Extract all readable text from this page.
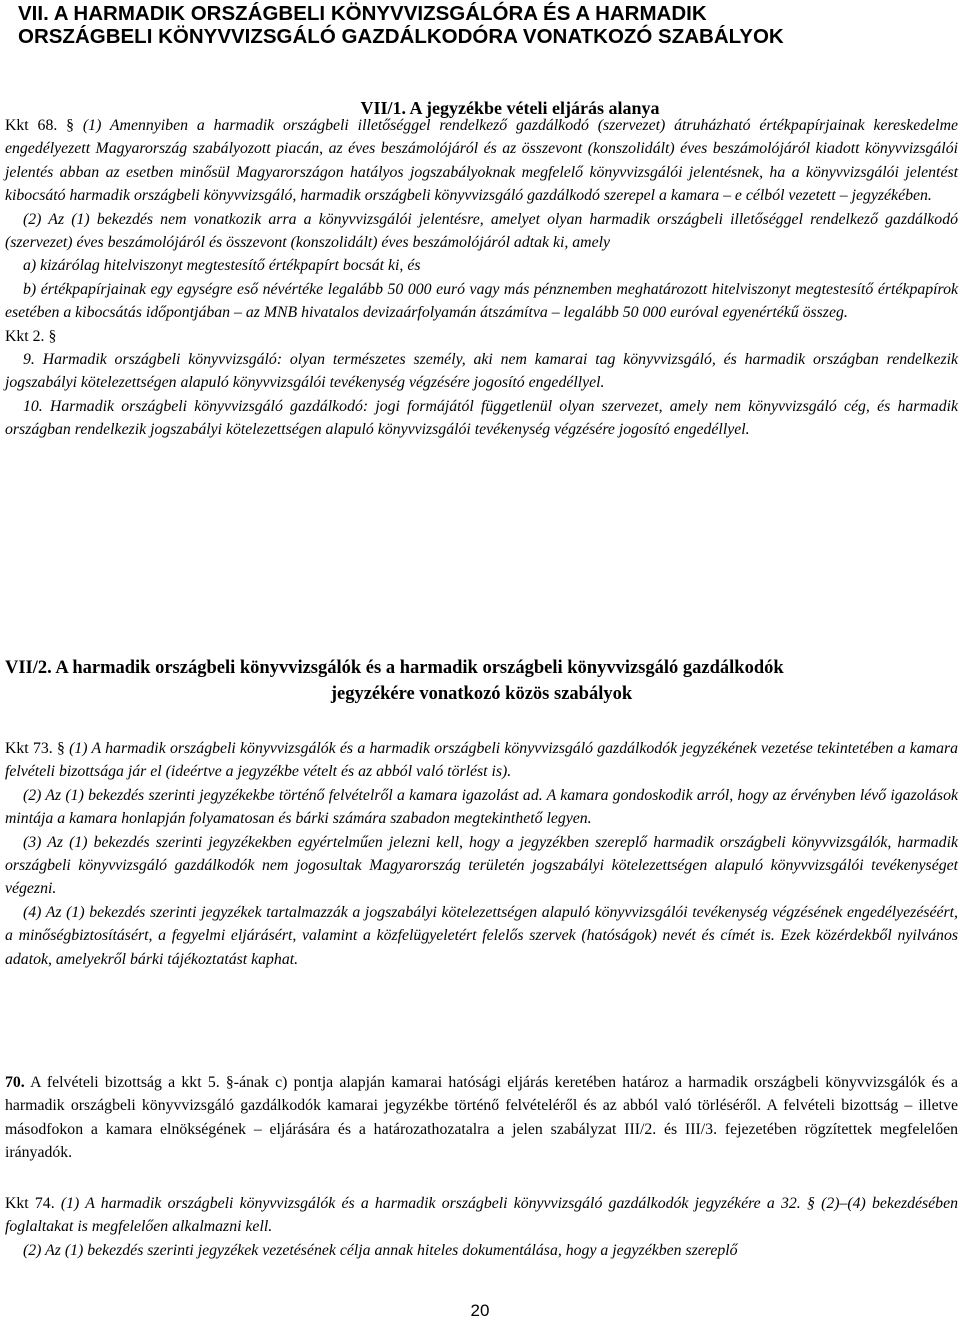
VII. A HARMADIK ORSZÁGBELI KÖNYVVIZSGÁLÓRA ÉS A HARMADIK
ORSZÁGBELI KÖNYVVIZSGÁLÓ GAZDÁLKODÓRA VONATKOZÓ SZABÁLYOK
VII/1. A jegyzékbe vételi eljárás alanya

Kkt 68. § (1) Amennyiben a harmadik országbeli illetőséggel rendelkező gazdálkodó (szervezet) átruházható értékpapírjainak kereskedelme engedélyezett Magyarország szabályozott piacán, az éves beszámolójáról és az összevont (konszolidált) éves beszámolójáról kiadott könyvvizsgálói jelentés abban az esetben minősül Magyarországon hatályos jogszabályoknak megfelelő könyvvizsgálói jelentésnek, ha a könyvvizsgálói jelentést kibocsátó harmadik országbeli könyvvizsgáló, harmadik országbeli könyvvizsgáló gazdálkodó szerepel a kamara – e célból vezetett – jegyzékében.

(2) Az (1) bekezdés nem vonatkozik arra a könyvvizsgálói jelentésre, amelyet olyan harmadik országbeli illetőséggel rendelkező gazdálkodó (szervezet) éves beszámolójáról és összevont (konszolidált) éves beszámolójáról adtak ki, amely

a) kizárólag hitelviszonyt megtestesítő értékpapírt bocsát ki, és

b) értékpapírjainak egy egységre eső névértéke legalább 50 000 euró vagy más pénznemben meghatározott hitelviszonyt megtestesítő értékpapírok esetében a kibocsátás időpontjában – az MNB hivatalos devizaárfolyamán átszámítva – legalább 50 000 euróval egyenértékű összeg.

Kkt 2. §

9. Harmadik országbeli könyvvizsgáló: olyan természetes személy, aki nem kamarai tag könyvvizsgáló, és harmadik országban rendelkezik jogszabályi kötelezettségen alapuló könyvvizsgálói tevékenység végzésére jogosító engedéllyel.

10. Harmadik országbeli könyvvizsgáló gazdálkodó: jogi formájától függetlenül olyan szervezet, amely nem könyvvizsgáló cég, és harmadik országban rendelkezik jogszabályi kötelezettségen alapuló könyvvizsgálói tevékenység végzésére jogosító engedéllyel.

VII/2. A harmadik országbeli könyvvizsgálók és a harmadik országbeli könyvvizsgáló gazdálkodók
jegyzékére vonatkozó közös szabályok

Kkt 73. § (1) A harmadik országbeli könyvvizsgálók és a harmadik országbeli könyvvizsgáló gazdálkodók jegyzékének vezetése tekintetében a kamara felvételi bizottsága jár el (ideértve a jegyzékbe vételt és az abból való törlést is).

(2) Az (1) bekezdés szerinti jegyzékekbe történő felvételről a kamara igazolást ad. A kamara gondoskodik arról, hogy az érvényben lévő igazolások mintája a kamara honlapján folyamatosan és bárki számára szabadon megtekinthető legyen.

(3) Az (1) bekezdés szerinti jegyzékekben egyértelműen jelezni kell, hogy a jegyzékben szereplő harmadik országbeli könyvvizsgálók, harmadik országbeli könyvvizsgáló gazdálkodók nem jogosultak Magyarország területén jogszabályi kötelezettségen alapuló könyvvizsgálói tevékenységet végezni.

(4) Az (1) bekezdés szerinti jegyzékek tartalmazzák a jogszabályi kötelezettségen alapuló könyvvizsgálói tevékenység végzésének engedélyezéséért, a minőségbiztosításért, a fegyelmi eljárásért, valamint a közfelügyeletért felelős szervek (hatóságok) nevét és címét is. Ezek közérdekből nyilvános adatok, amelyekről bárki tájékoztatást kaphat.

70. A felvételi bizottság a kkt 5. §-ának c) pontja alapján kamarai hatósági eljárás keretében határoz a harmadik országbeli könyvvizsgálók és a harmadik országbeli könyvvizsgáló gazdálkodók kamarai jegyzékbe történő felvételéről és az abból való törléséről. A felvételi bizottság – illetve másodfokon a kamara elnökségének – eljárására és a határozathozatalra a jelen szabályzat III/2. és III/3. fejezetében rögzítettek megfelelően irányadók.

Kkt 74. (1) A harmadik országbeli könyvvizsgálók és a harmadik országbeli könyvvizsgáló gazdálkodók jegyzékére a 32. § (2)–(4) bekezdésében foglaltakat is megfelelően alkalmazni kell.

(2) Az (1) bekezdés szerinti jegyzékek vezetésének célja annak hiteles dokumentálása, hogy a jegyzékben szereplő

20
